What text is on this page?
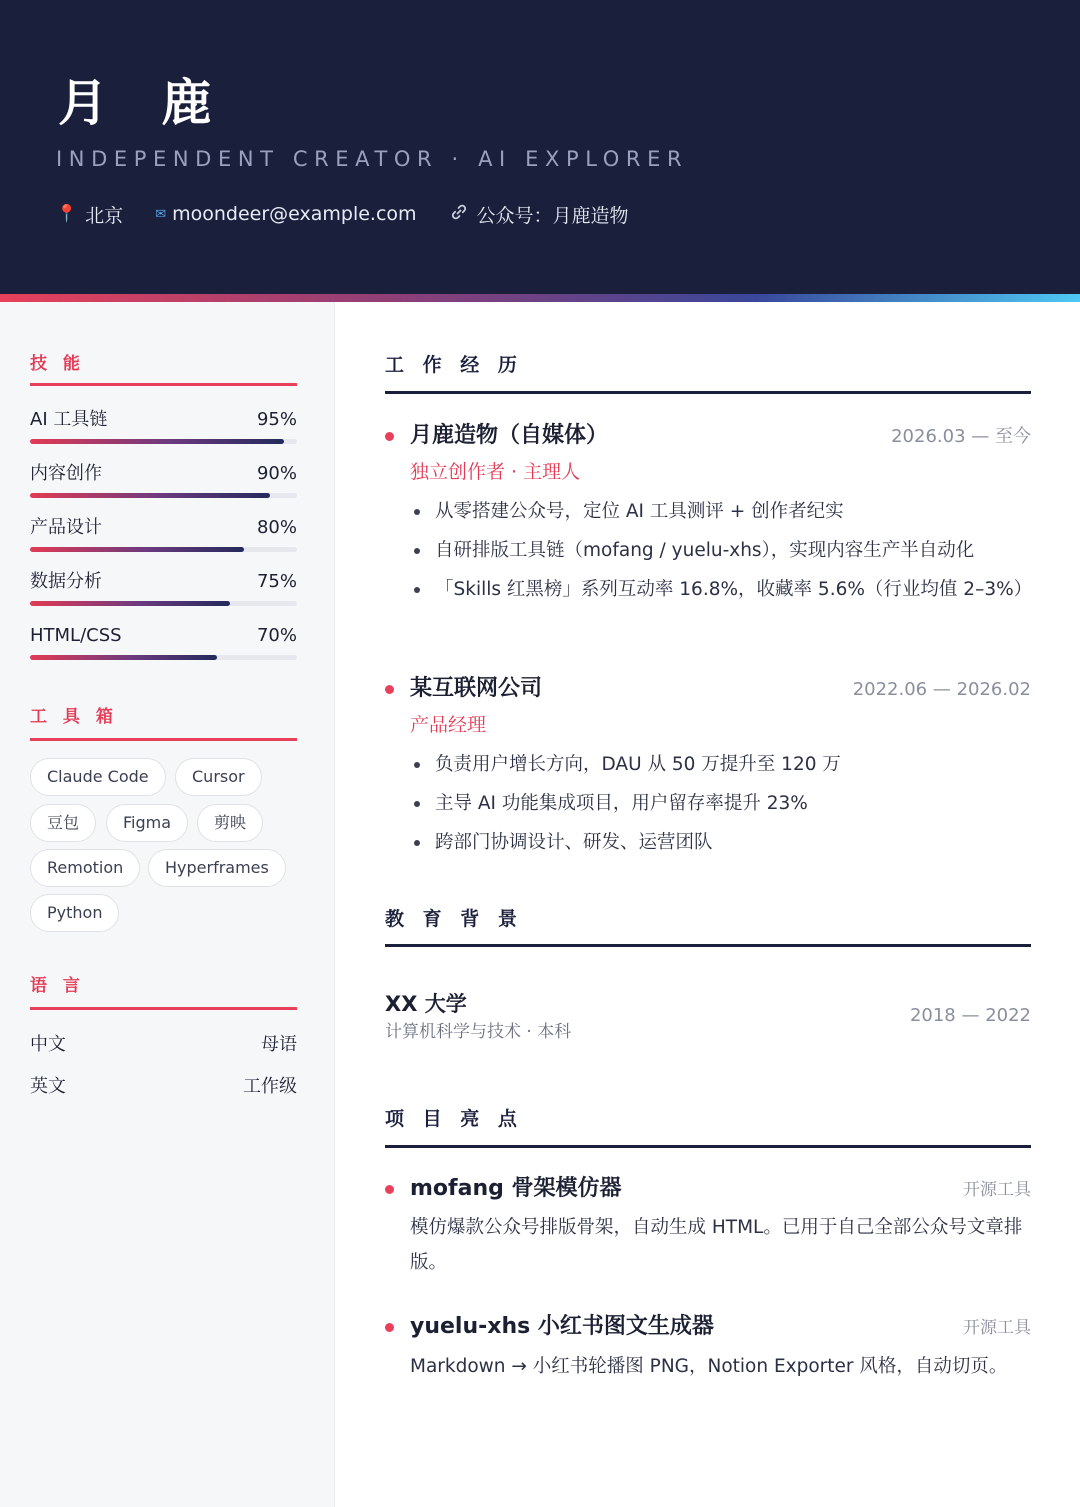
月 鹿
INDEPENDENT CREATOR · AI EXPLORER
📍 北京 ✉ moondeer@example.com	公众号：月鹿造物
技 能
AI 工具链	95%
内容创作	90%
产品设计	80%
数据分析	75%
HTML/CSS	70%
工 具 箱
Claude Code	Cursor
豆包	Figma	剪映
Remotion	Hyperframes
Python
语 言
中文	母语
英文	工作级
工 作 经 历
月鹿造物（自媒体）	2026.03 — 至今
独立创作者 · 主理人
从零搭建公众号，定位 AI 工具测评 + 创作者纪实
自研排版工具链（mofang / yuelu-xhs），实现内容生产半自动化
「Skills 红黑榜」系列互动率 16.8%，收藏率 5.6%（行业均值 2–3%）
某互联网公司	2022.06 — 2026.02
产品经理
负责用户增长方向，DAU 从 50 万提升至 120 万
主导 AI 功能集成项目，用户留存率提升 23%
跨部门协调设计、研发、运营团队
教 育 背 景
XX 大学
计算机科学与技术 · 本科
2018 — 2022
项 目 亮 点
mofang 骨架模仿器	开源工具
模仿爆款公众号排版骨架，自动生成 HTML。已用于自己全部公众号文章排版。
yuelu-xhs 小红书图文生成器	开源工具
Markdown → 小红书轮播图 PNG，Notion Exporter 风格，自动切页。
